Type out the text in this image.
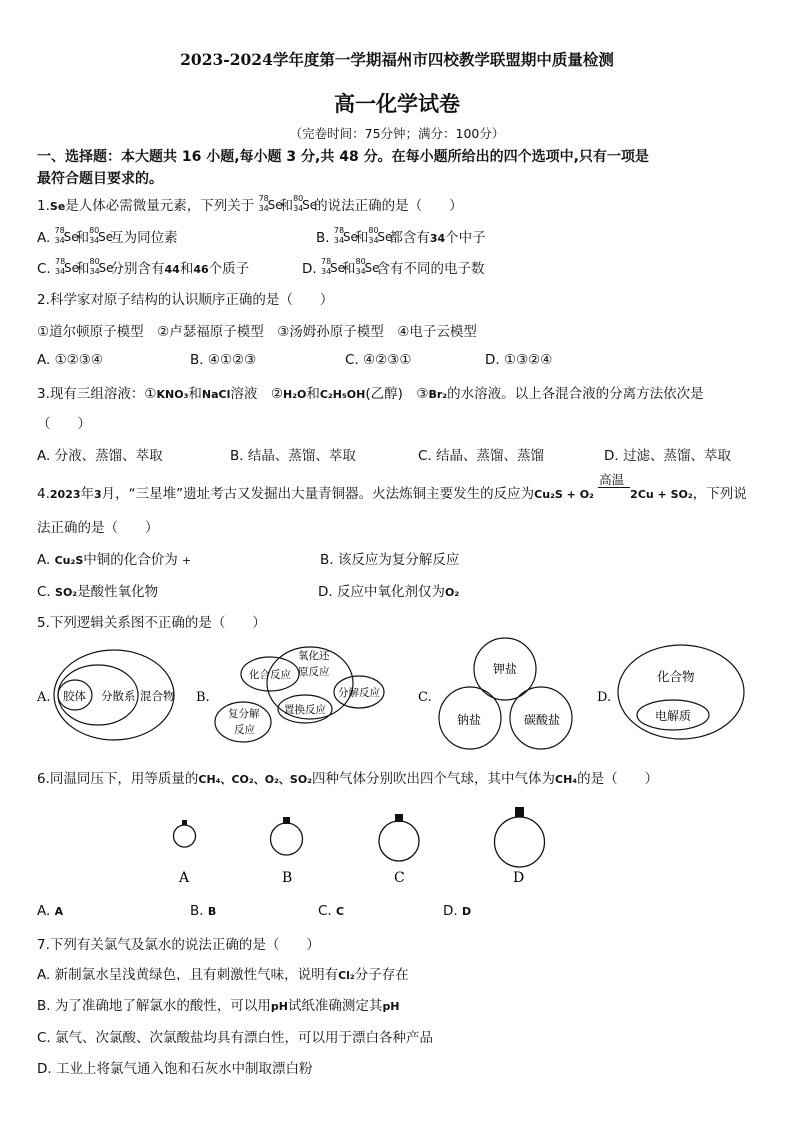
2023-2024学年度第一学期福州市四校教学联盟期中质量检测
高一化学试卷
（完卷时间：75分钟；满分：100分）
一、选择题：本大题共 16 小题,每小题 3 分,共 48 分。在每小题所给出的四个选项中,只有一项是
最符合题目要求的。
1.Se是人体必需微量元素，下列关于 78
34
Se
和 80
34
Se
的说法正确的是（　　）
A. 78
34
Se
和 80
34
Se
互为同位素	B. 78
34
Se
和 80
34
Se
都含有34个中子
C. 78
34
Se
和 80
34
Se
分别含有44和46个质子	D. 78
34
Se
和 80
34
Se
含有不同的电子数
2.科学家对原子结构的认识顺序正确的是（　　）
①道尔顿原子模型　②卢瑟福原子模型　③汤姆孙原子模型　④电子云模型
A. ①②③④	B. ④①②③	C. ④②③①	D. ①③②④
3.现有三组溶液：①KNO₃和NaCl溶液　②H₂O和C₂H₅OH(乙醇)　③Br₂的水溶液。以上各混合液的分离方法依次是
（　　）
A. 分液、蒸馏、萃取	B. 结晶、蒸馏、萃取	C. 结晶、蒸馏、蒸馏	D. 过滤、蒸馏、萃取
4.2023年3月，“三星堆”遗址考古又发掘出大量青铜器。火法炼铜主要发生的反应为Cu₂S + O₂
高温
2Cu + SO₂，下列说
法正确的是（　　）
A. Cu₂S中铜的化合价为 +	B. 该反应为复分解反应
C. SO₂是酸性氧化物	D. 反应中氧化剂仅为O₂
5.下列逻辑关系图不正确的是（　　）
A. 胶体 分散系 混合物 B.
化合反应
氧化还
原反应
分解反应
复分解
反应
置换反应
C.
钾盐
钠盐	碳酸盐
D.
化合物
电解质
6.同温同压下，用等质量的CH₄、CO₂、O₂、SO₂四种气体分别吹出四个气球，其中气体为CH₄的是（　　）
A	B	C	D
A. A	B. B	C. C	D. D
7.下列有关氯气及氯水的说法正确的是（　　）
A. 新制氯水呈浅黄绿色，且有刺激性气味，说明有Cl₂分子存在
B. 为了准确地了解氯水的酸性，可以用pH试纸准确测定其pH
C. 氯气、次氯酸、次氯酸盐均具有漂白性，可以用于漂白各种产品
D. 工业上将氯气通入饱和石灰水中制取漂白粉
